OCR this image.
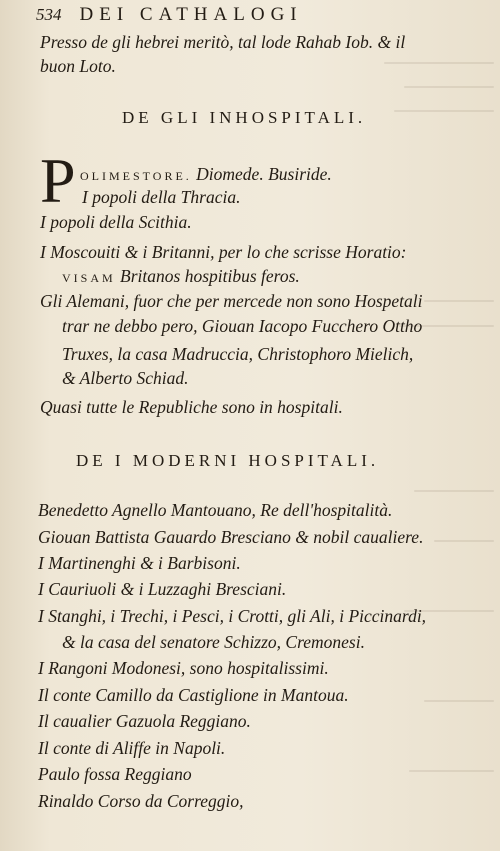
534 DEI CATHALOGI
Presso de gli hebrei meritò, tal lode Rahab Iob. & il
buon Loto.
DE GLI INHOSPITALI.
P OLIMESTORE. Diomede. Busiride.
I popoli della Thracia.
I popoli della Scithia.
I Moscouiti & i Britanni, per lo che scrisse Horatio:
VISAM Britanos hospitibus feros.
Gli Alemani, fuor che per mercede non sono Hospetali
trar ne debbo pero, Giouan Iacopo Fucchero Ottho
Truxes, la casa Madruccia, Christophoro Mielich,
& Alberto Schiad.
Quasi tutte le Republiche sono in hospitali.
DE I MODERNI HOSPITALI.
Benedetto Agnello Mantouano, Re dell'hospitalità.
Giouan Battista Gauardo Bresciano & nobil caualiere.
I Martinenghi & i Barbisoni.
I Cauriuoli & i Luzzaghi Bresciani.
I Stanghi, i Trechi, i Pesci, i Crotti, gli Ali, i Piccinardi,
& la casa del senatore Schizzo, Cremonesi.
I Rangoni Modonesi, sono hospitalissimi.
Il conte Camillo da Castiglione in Mantoua.
Il caualier Gazuola Reggiano.
Il conte di Aliffe in Napoli.
Paulo fossa Reggiano
Rinaldo Corso da Correggio,
